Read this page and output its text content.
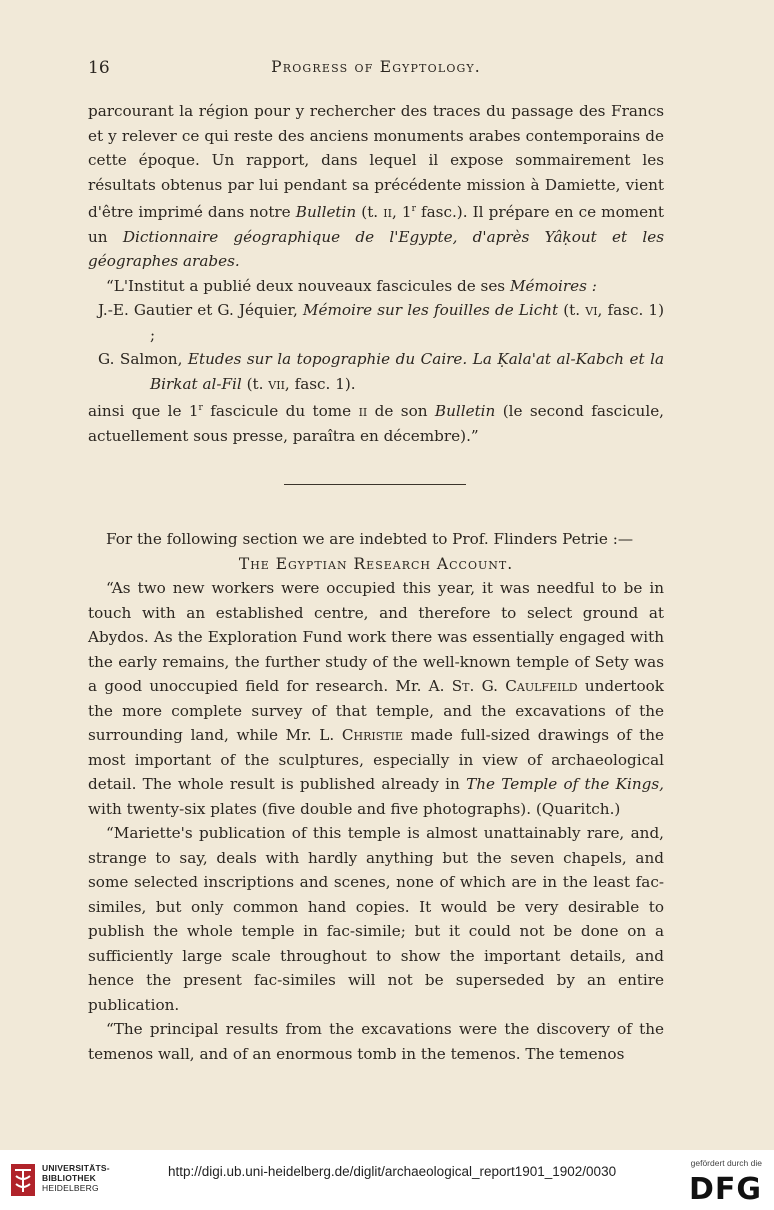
16	Progress of Egyptology.

parcourant la région pour y rechercher des traces du passage des Francs et y relever ce qui reste des anciens monuments arabes contemporains de cette époque. Un rapport, dans lequel il expose sommairement les résultats obtenus par lui pendant sa précédente mission à Damiette, vient d'être imprimé dans notre Bulletin (t. ii, 1$^r$ fasc.). Il prépare en ce moment un Dictionnaire géographique de l'Egypte, d'après Yâḳout et les géographes arabes.

“L'Institut a publié deux nouveaux fascicules de ses Mémoires :

J.-E. Gautier et G. Jéquier, Mémoire sur les fouilles de Licht (t. vi, fasc. 1) ;

G. Salmon, Etudes sur la topographie du Caire. La Ḳala'at al-Kabch et la Birkat al-Fil (t. vii, fasc. 1).

ainsi que le 1$^r$ fascicule du tome ii de son Bulletin (le second fascicule, actuellement sous presse, paraîtra en décembre).”

For the following section we are indebted to Prof. Flinders Petrie :—

The Egyptian Research Account.

“As two new workers were occupied this year, it was needful to be in touch with an established centre, and therefore to select ground at Abydos. As the Exploration Fund work there was essentially engaged with the early remains, the further study of the well-known temple of Sety was a good unoccupied field for research. Mr. A. St. G. Caulfeild undertook the more complete survey of that temple, and the excavations of the surrounding land, while Mr. L. Christie made full-sized drawings of the most important of the sculptures, especially in view of archaeological detail. The whole result is published already in The Temple of the Kings, with twenty-six plates (five double and five photographs). (Quaritch.)

“Mariette's publication of this temple is almost unattainably rare, and, strange to say, deals with hardly anything but the seven chapels, and some selected inscriptions and scenes, none of which are in the least fac-similes, but only common hand copies. It would be very desirable to publish the whole temple in fac-simile; but it could not be done on a sufficiently large scale throughout to show the important details, and hence the present fac-similes will not be superseded by an entire publication.

“The principal results from the excavations were the discovery of the temenos wall, and of an enormous tomb in the temenos. The temenos

UNIVERSITÄTS-
BIBLIOTHEK
HEIDELBERG
http://digi.ub.uni-heidelberg.de/diglit/archaeological_report1901_1902/0030
gefördert durch die
DFG
